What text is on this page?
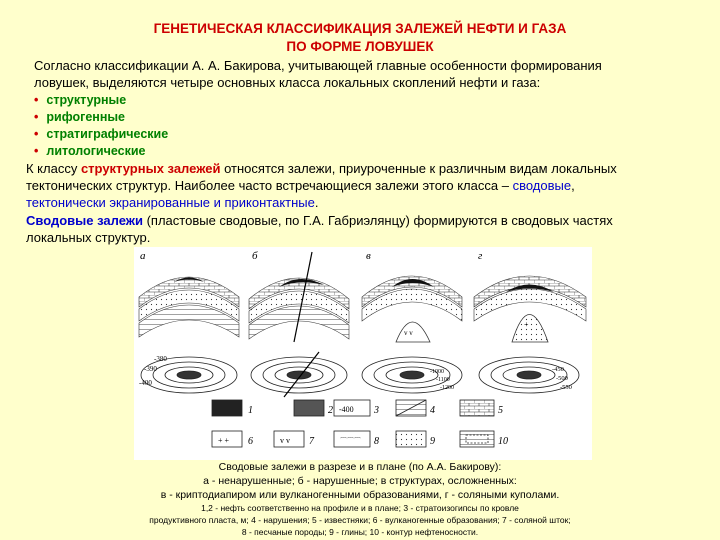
ГЕНЕТИЧЕСКАЯ КЛАССИФИКАЦИЯ ЗАЛЕЖЕЙ НЕФТИ И ГАЗА
ПО ФОРМЕ ЛОВУШЕК
Согласно классификации А. А. Бакирова, учитывающей главные особенности формирования
ловушек, выделяются четыре основных класса локальных скоплений нефти и газа:
• структурные
• рифогенные
• стратиграфические
• литологические
К классу структурных залежей относятся залежи, приуроченные к различным видам локальных
тектонических структур. Наиболее часто встречающиеся залежи этого класса – сводовые,
тектонически экранированные и приконтактные.
Сводовые залежи (пластовые сводовые, по Г.А. Габриэлянцу) формируются в сводовых частях
локальных структур.
а
-380
-390
-400
б	в
v v
-1000
-1100
-1200
г
+
-450
-500
-550
-400
+ +	v v	⌒⌒⌒
1	2	3	4	5
6	7	8	9	10
Сводовые залежи в разрезе и в плане (по А.А. Бакирову):
а - ненарушенные; б - нарушенные; в структурах, осложненных:
в - криптодиапиром или вулканогенными образованиями, г - соляными куполами.
1,2 - нефть соответственно на профиле и в плане; 3 - стратоизогипсы по кровле
продуктивного пласта, м; 4 - нарушения; 5 - известняки; 6 - вулканогенные образования; 7 - соляной шток;
8 - песчаные породы; 9 - глины; 10 - контур нефтеносности.
